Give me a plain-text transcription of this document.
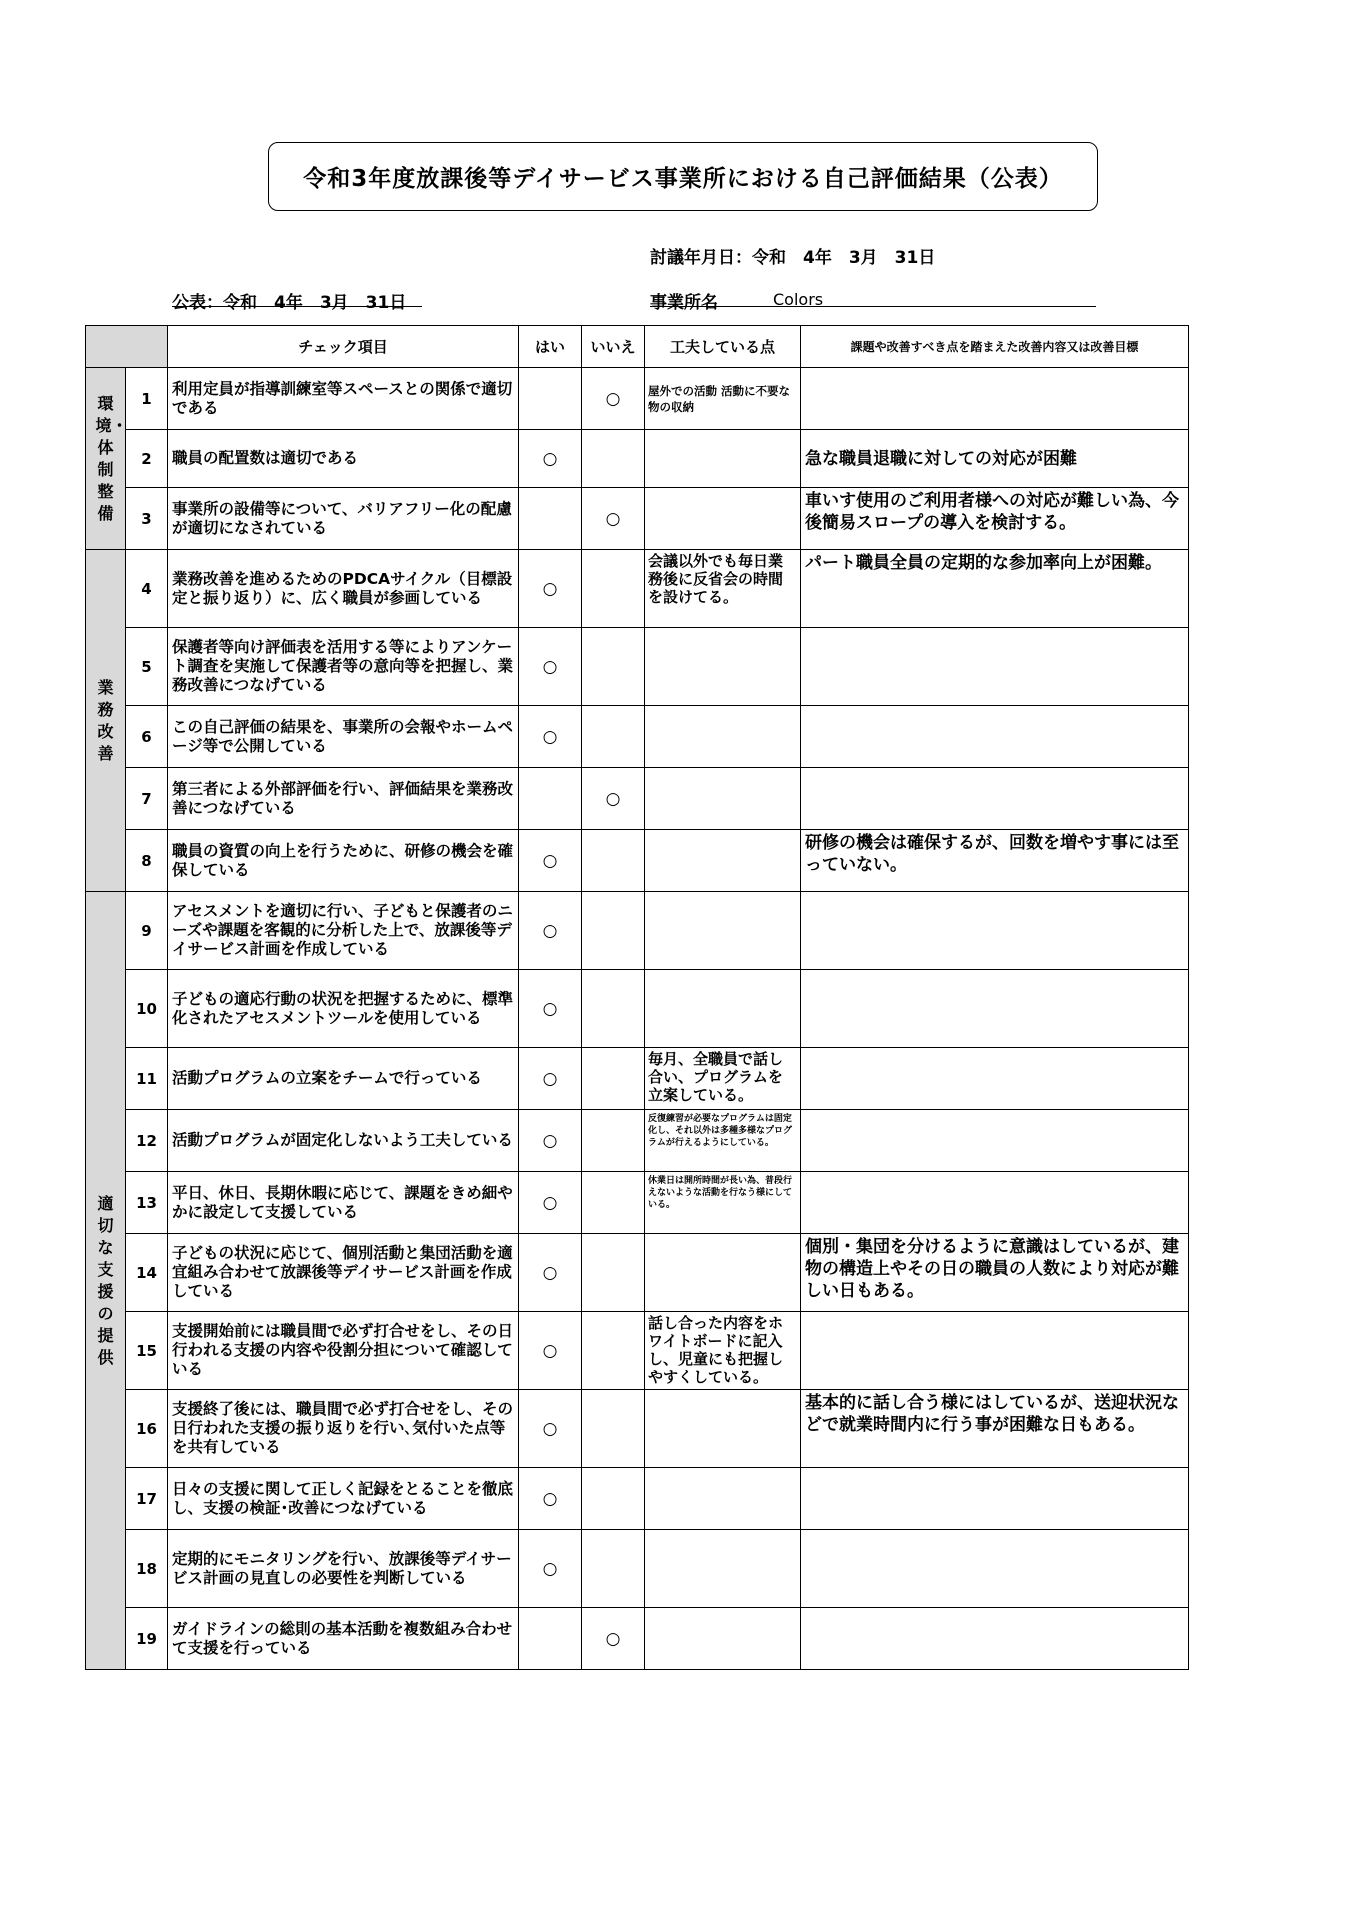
令和3年度放課後等デイサービス事業所における自己評価結果（公表）
討議年月日：令和　4年　3月　31日
公表：令和　4年　3月　31日	事業所名	Colors
		チェック項目	はい	いいえ	工夫している点	課題や改善すべき点を踏まえた改善内容又は改善目標
環境・体制整備	1	利用定員が指導訓練室等スペースとの関係で適切である		○	屋外での活動 活動に不要な物の収納	
	2	職員の配置数は適切である	○			急な職員退職に対しての対応が困難
	3	事業所の設備等について、バリアフリー化の配慮が適切になされている		○		車いす使用のご利用者様への対応が難しい為、今後簡易スロープの導入を検討する。
業務改善	4	業務改善を進めるためのPDCAサイクル（目標設定と振り返り）に、広く職員が参画している	○		会議以外でも毎日業務後に反省会の時間を設けてる。	パート職員全員の定期的な参加率向上が困難。
	5	保護者等向け評価表を活用する等によりアンケート調査を実施して保護者等の意向等を把握し、業務改善につなげている	○			
	6	この自己評価の結果を、事業所の会報やホームページ等で公開している	○			
	7	第三者による外部評価を行い、評価結果を業務改善につなげている		○		
	8	職員の資質の向上を行うために、研修の機会を確保している	○			研修の機会は確保するが、回数を増やす事には至っていない。
適切な支援の提供	9	アセスメントを適切に行い、子どもと保護者のニーズや課題を客観的に分析した上で、放課後等デイサービス計画を作成している	○			
	10	子どもの適応行動の状況を把握するために、標準化されたアセスメントツールを使用している	○			
	11	活動プログラムの立案をチームで行っている	○		毎月、全職員で話し合い、プログラムを立案している。	
	12	活動プログラムが固定化しないよう工夫している	○		反復練習が必要なプログラムは固定化し、それ以外は多種多様なプログラムが行えるようにしている。	
	13	平日、休日、長期休暇に応じて、課題をきめ細やかに設定して支援している	○		休業日は開所時間が長い為、普段行えないような活動を行なう様にしている。	
	14	子どもの状況に応じて、個別活動と集団活動を適宜組み合わせて放課後等デイサービス計画を作成している	○			個別・集団を分けるように意識はしているが、建物の構造上やその日の職員の人数により対応が難しい日もある。
	15	支援開始前には職員間で必ず打合せをし、その日行われる支援の内容や役割分担について確認している	○		話し合った内容をホワイトボードに記入し、児童にも把握しやすくしている。	
	16	支援終了後には、職員間で必ず打合せをし、その日行われた支援の振り返りを行い､気付いた点等を共有している	○			基本的に話し合う様にはしているが、送迎状況などで就業時間内に行う事が困難な日もある。
	17	日々の支援に関して正しく記録をとることを徹底し、支援の検証･改善につなげている	○			
	18	定期的にモニタリングを行い、放課後等デイサービス計画の見直しの必要性を判断している	○			
	19	ガイドラインの総則の基本活動を複数組み合わせて支援を行っている		○		
